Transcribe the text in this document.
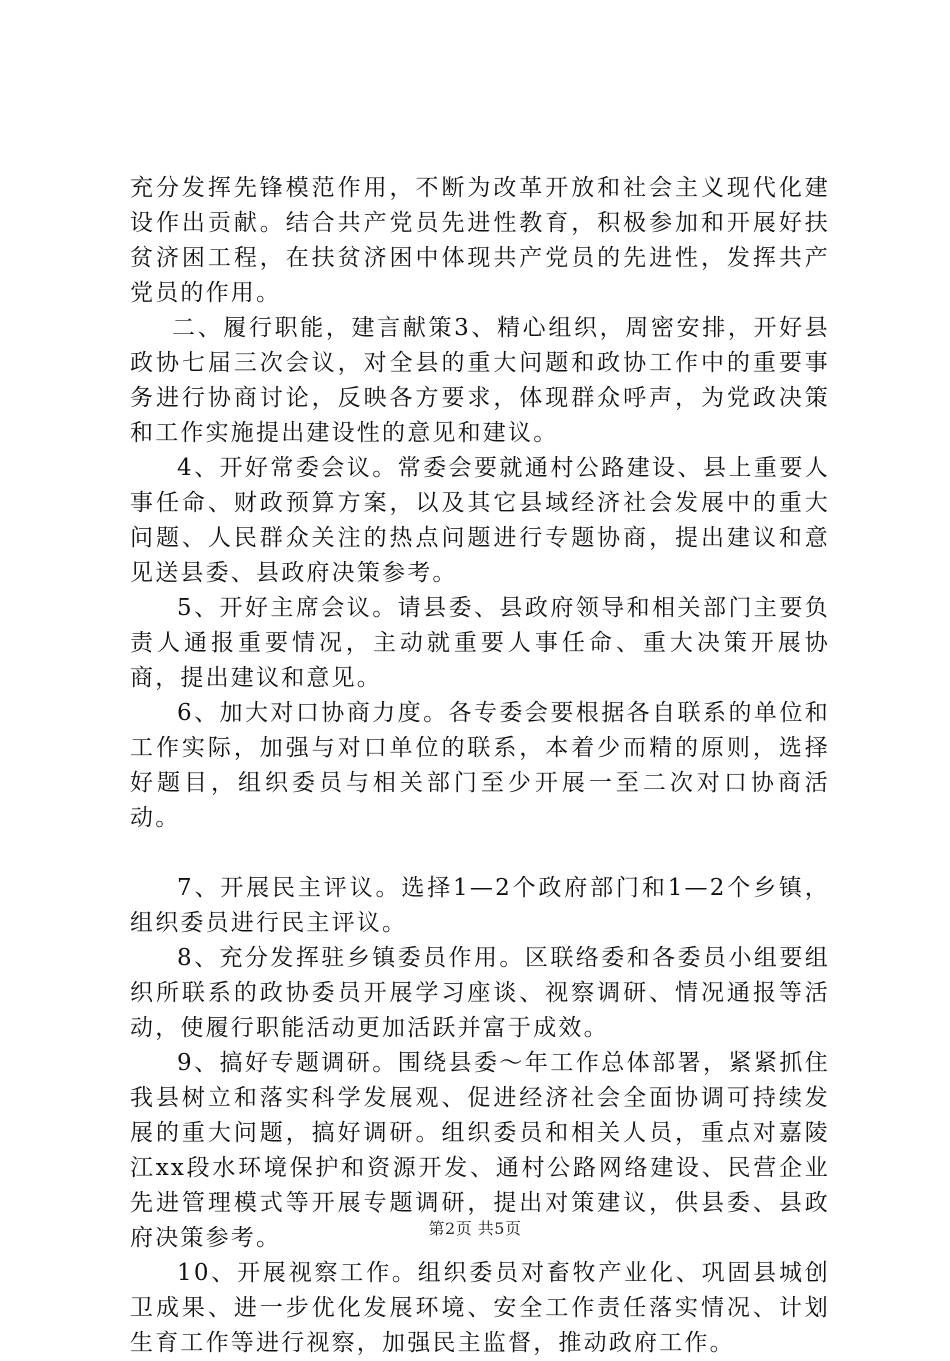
充分发挥先锋模范作用，不断为改革开放和社会主义现代化建设作出贡献。结合共产党员先进性教育，积极参加和开展好扶贫济困工程，在扶贫济困中体现共产党员的先进性，发挥共产党员的作用。

二、履行职能，建言献策3、精心组织，周密安排，开好县政协七届三次会议，对全县的重大问题和政协工作中的重要事务进行协商讨论，反映各方要求，体现群众呼声，为党政决策和工作实施提出建设性的意见和建议。

4、开好常委会议。常委会要就通村公路建设、县上重要人事任命、财政预算方案，以及其它县域经济社会发展中的重大问题、人民群众关注的热点问题进行专题协商，提出建议和意见送县委、县政府决策参考。

5、开好主席会议。请县委、县政府领导和相关部门主要负责人通报重要情况，主动就重要人事任命、重大决策开展协商，提出建议和意见。

6、加大对口协商力度。各专委会要根据各自联系的单位和工作实际，加强与对口单位的联系，本着少而精的原则，选择好题目，组织委员与相关部门至少开展一至二次对口协商活动。

7、开展民主评议。选择1—2个政府部门和1—2个乡镇，组织委员进行民主评议。

8、充分发挥驻乡镇委员作用。区联络委和各委员小组要组织所联系的政协委员开展学习座谈、视察调研、情况通报等活动，使履行职能活动更加活跃并富于成效。

9、搞好专题调研。围绕县委～年工作总体部署，紧紧抓住我县树立和落实科学发展观、促进经济社会全面协调可持续发展的重大问题，搞好调研。组织委员和相关人员，重点对嘉陵江xx段水环境保护和资源开发、通村公路网络建设、民营企业先进管理模式等开展专题调研，提出对策建议，供县委、县政府决策参考。

10、开展视察工作。组织委员对畜牧产业化、巩固县城创卫成果、进一步优化发展环境、安全工作责任落实情况、计划生育工作等进行视察，加强民主监督，推动政府工作。

第2页 共5页
